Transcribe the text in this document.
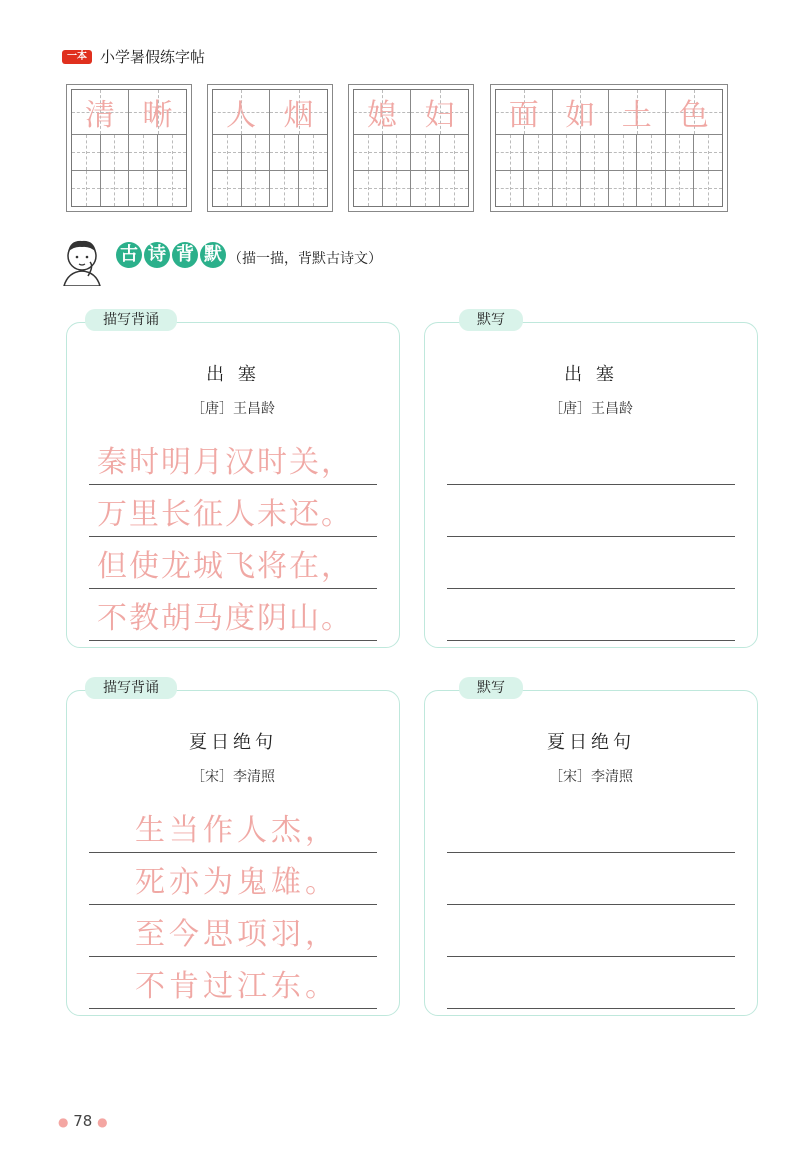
一本 小学暑假练字帖
清 晰 人 烟 媳 妇 面 如 土 色
古 诗 背 默 （描一描，背默古诗文）
描写背诵
出 塞
［唐］王昌龄
秦时明月汉时关，
万里长征人未还。
但使龙城飞将在，
不教胡马度阴山。
默写
出 塞
［唐］王昌龄
描写背诵
夏日绝句
［宋］李清照
生当作人杰，
死亦为鬼雄。
至今思项羽，
不肯过江东。
默写
夏日绝句
［宋］李清照
● 78 ●
